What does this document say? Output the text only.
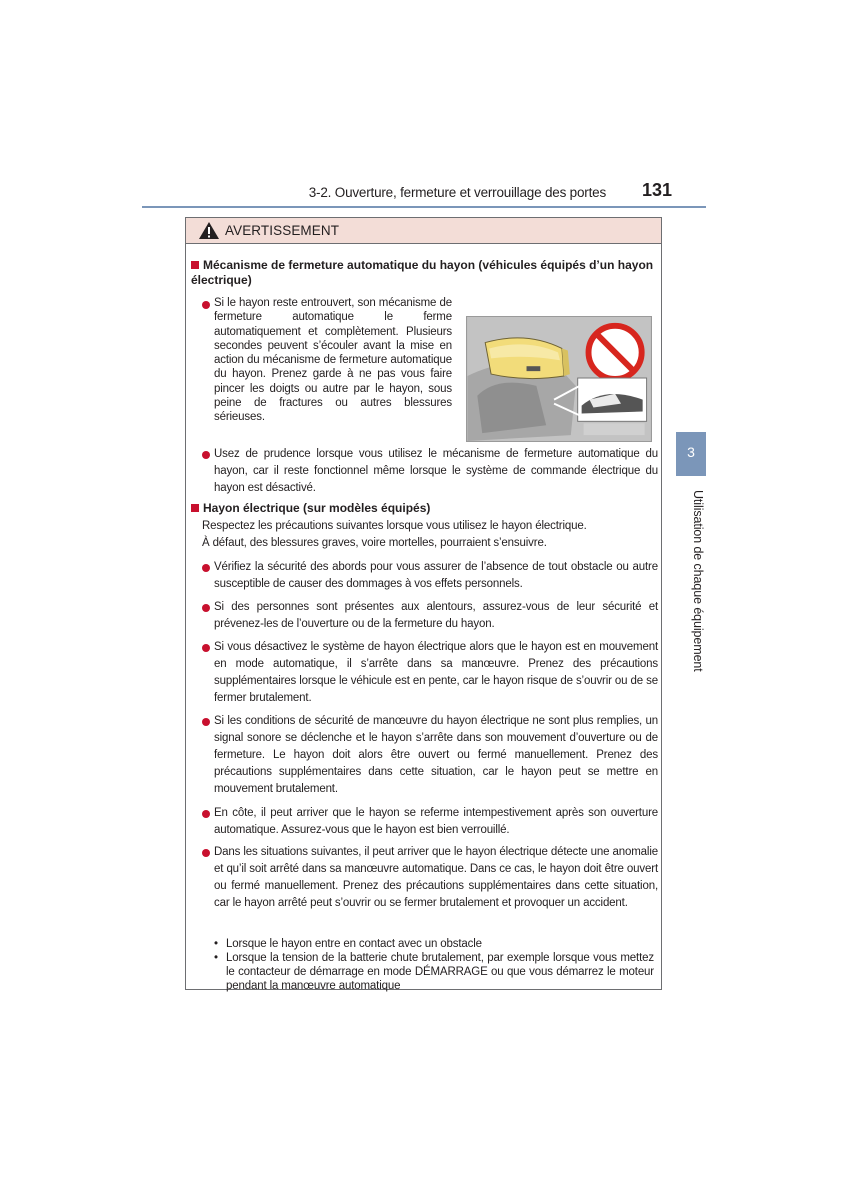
3-2. Ouverture, fermeture et verrouillage des portes	131
3
Utilisation de chaque équipement
AVERTISSEMENT
Mécanisme de fermeture automatique du hayon (véhicules équipés d’un hayon électrique)
Si le hayon reste entrouvert, son mécanisme de fermeture automatique le ferme automatiquement et complètement. Plusieurs secondes peuvent s’écouler avant la mise en action du mécanisme de fermeture automatique du hayon. Prenez garde à ne pas vous faire pincer les doigts ou autre par le hayon, sous peine de fractures ou autres blessures sérieuses.
Usez de prudence lorsque vous utilisez le mécanisme de fermeture automatique du hayon, car il reste fonctionnel même lorsque le système de commande électrique du hayon est désactivé.
Hayon électrique (sur modèles équipés)
Respectez les précautions suivantes lorsque vous utilisez le hayon électrique.
À défaut, des blessures graves, voire mortelles, pourraient s’ensuivre.
Vérifiez la sécurité des abords pour vous assurer de l’absence de tout obstacle ou autre susceptible de causer des dommages à vos effets personnels.
Si des personnes sont présentes aux alentours, assurez-vous de leur sécurité et prévenez-les de l’ouverture ou de la fermeture du hayon.
Si vous désactivez le système de hayon électrique alors que le hayon est en mouvement en mode automatique, il s’arrête dans sa manœuvre. Prenez des précautions supplémentaires lorsque le véhicule est en pente, car le hayon risque de s’ouvrir ou de se fermer brutalement.
Si les conditions de sécurité de manœuvre du hayon électrique ne sont plus remplies, un signal sonore se déclenche et le hayon s’arrête dans son mouvement d’ouverture ou de fermeture. Le hayon doit alors être ouvert ou fermé manuellement. Prenez des précautions supplémentaires dans cette situation, car le hayon peut se mettre en mouvement brutalement.
En côte, il peut arriver que le hayon se referme intempestivement après son ouverture automatique. Assurez-vous que le hayon est bien verrouillé.
Dans les situations suivantes, il peut arriver que le hayon électrique détecte une anomalie et qu’il soit arrêté dans sa manœuvre automatique. Dans ce cas, le hayon doit être ouvert ou fermé manuellement. Prenez des précautions supplémentaires dans cette situation, car le hayon arrêté peut s’ouvrir ou se fermer brutalement et provoquer un accident.
• Lorsque le hayon entre en contact avec un obstacle
• Lorsque la tension de la batterie chute brutalement, par exemple lorsque vous mettez le contacteur de démarrage en mode DÉMARRAGE ou que vous démarrez le moteur pendant la manœuvre automatique
